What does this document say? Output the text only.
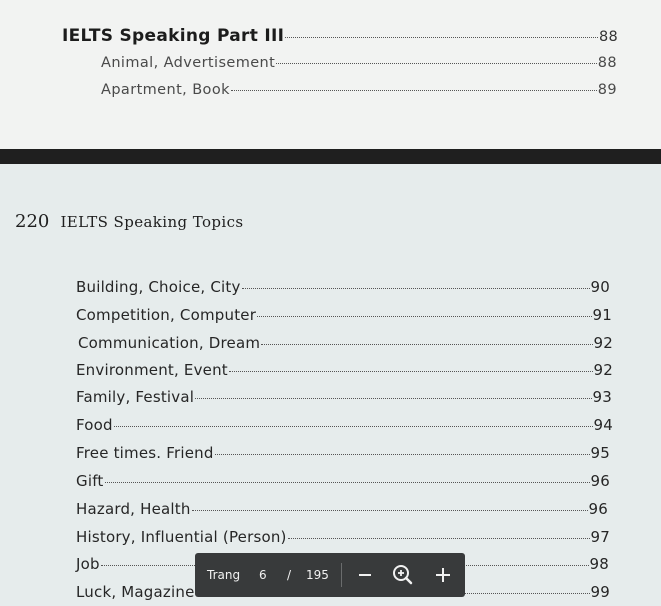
IELTS Speaking Part III	88
Animal, Advertisement	88
Apartment, Book	89
220 IELTS Speaking Topics
Building, Choice, City	90
Competition, Computer	91
Communication, Dream	92
Environment, Event	92
Family, Festival	93
Food	94
Free times. Friend	95
Gift	96
Hazard, Health	96
History, Influential (Person)	97
Job	98
Luck, Magazine	99
Trang 6 / 195
